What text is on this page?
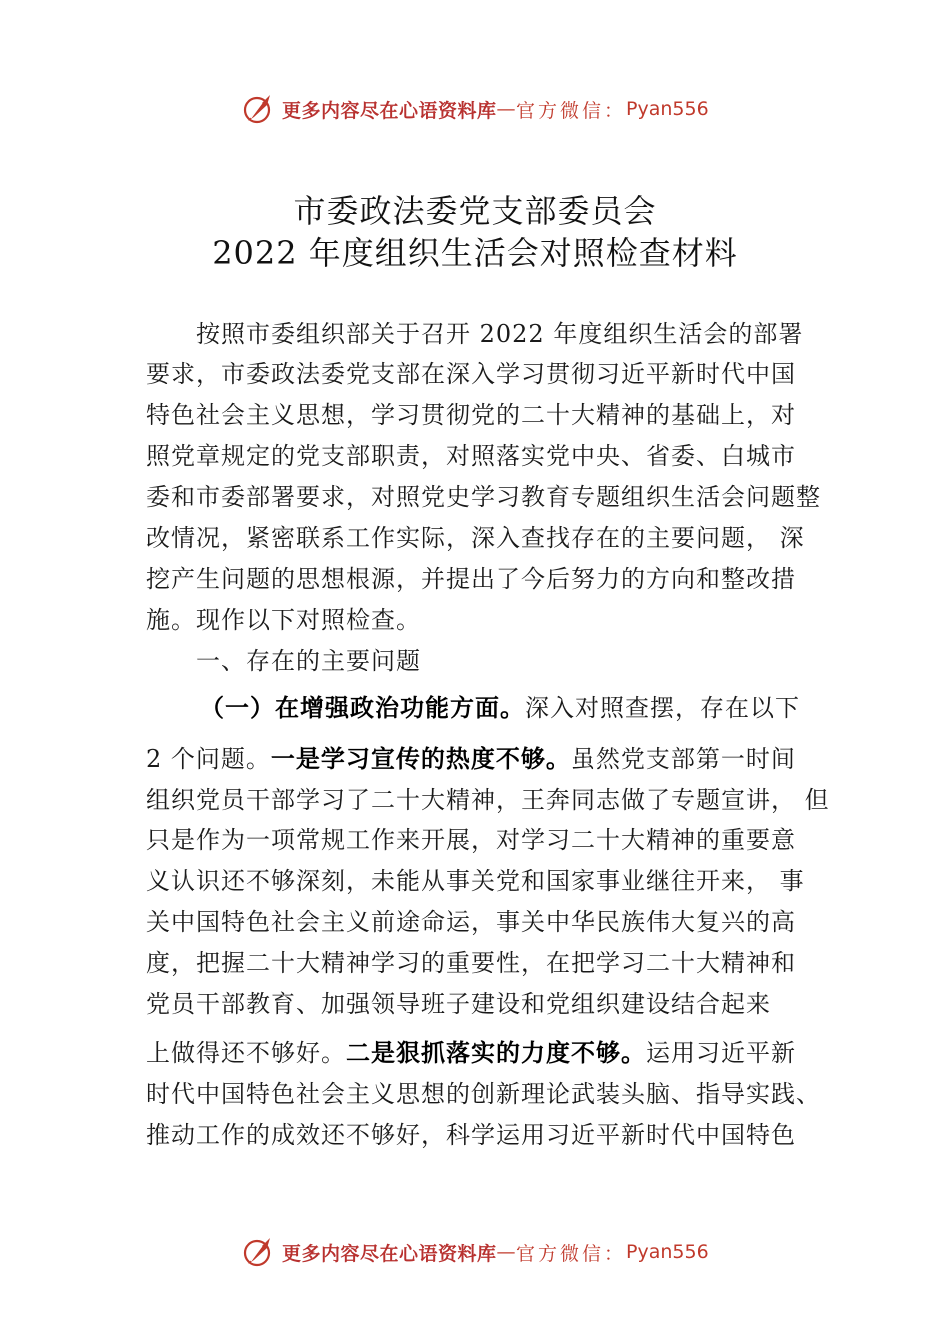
更多内容尽在心语资料库 — 官方微信： Pyan556
市委政法委党支部委员会
2022 年度组织生活会对照检查材料
按照市委组织部关于召开 2022 年度组织生活会的部署
要求，市委政法委党支部在深入学习贯彻习近平新时代中国
特色社会主义思想，学习贯彻党的二十大精神的基础上，对
照党章规定的党支部职责，对照落实党中央、省委、白城市
委和市委部署要求，对照党史学习教育专题组织生活会问题整
改情况，紧密联系工作实际，深入查找存在的主要问题， 深
挖产生问题的思想根源，并提出了今后努力的方向和整改措
施。现作以下对照检查。
一、存在的主要问题
（一）在增强政治功能方面。深入对照查摆，存在以下
2 个问题。一是学习宣传的热度不够。虽然党支部第一时间
组织党员干部学习了二十大精神，王奔同志做了专题宣讲， 但
只是作为一项常规工作来开展，对学习二十大精神的重要意
义认识还不够深刻，未能从事关党和国家事业继往开来， 事
关中国特色社会主义前途命运，事关中华民族伟大复兴的高
度，把握二十大精神学习的重要性，在把学习二十大精神和
党员干部教育、加强领导班子建设和党组织建设结合起来
上做得还不够好。二是狠抓落实的力度不够。运用习近平新
时代中国特色社会主义思想的创新理论武装头脑、指导实践、
推动工作的成效还不够好，科学运用习近平新时代中国特色
更多内容尽在心语资料库 — 官方微信： Pyan556
